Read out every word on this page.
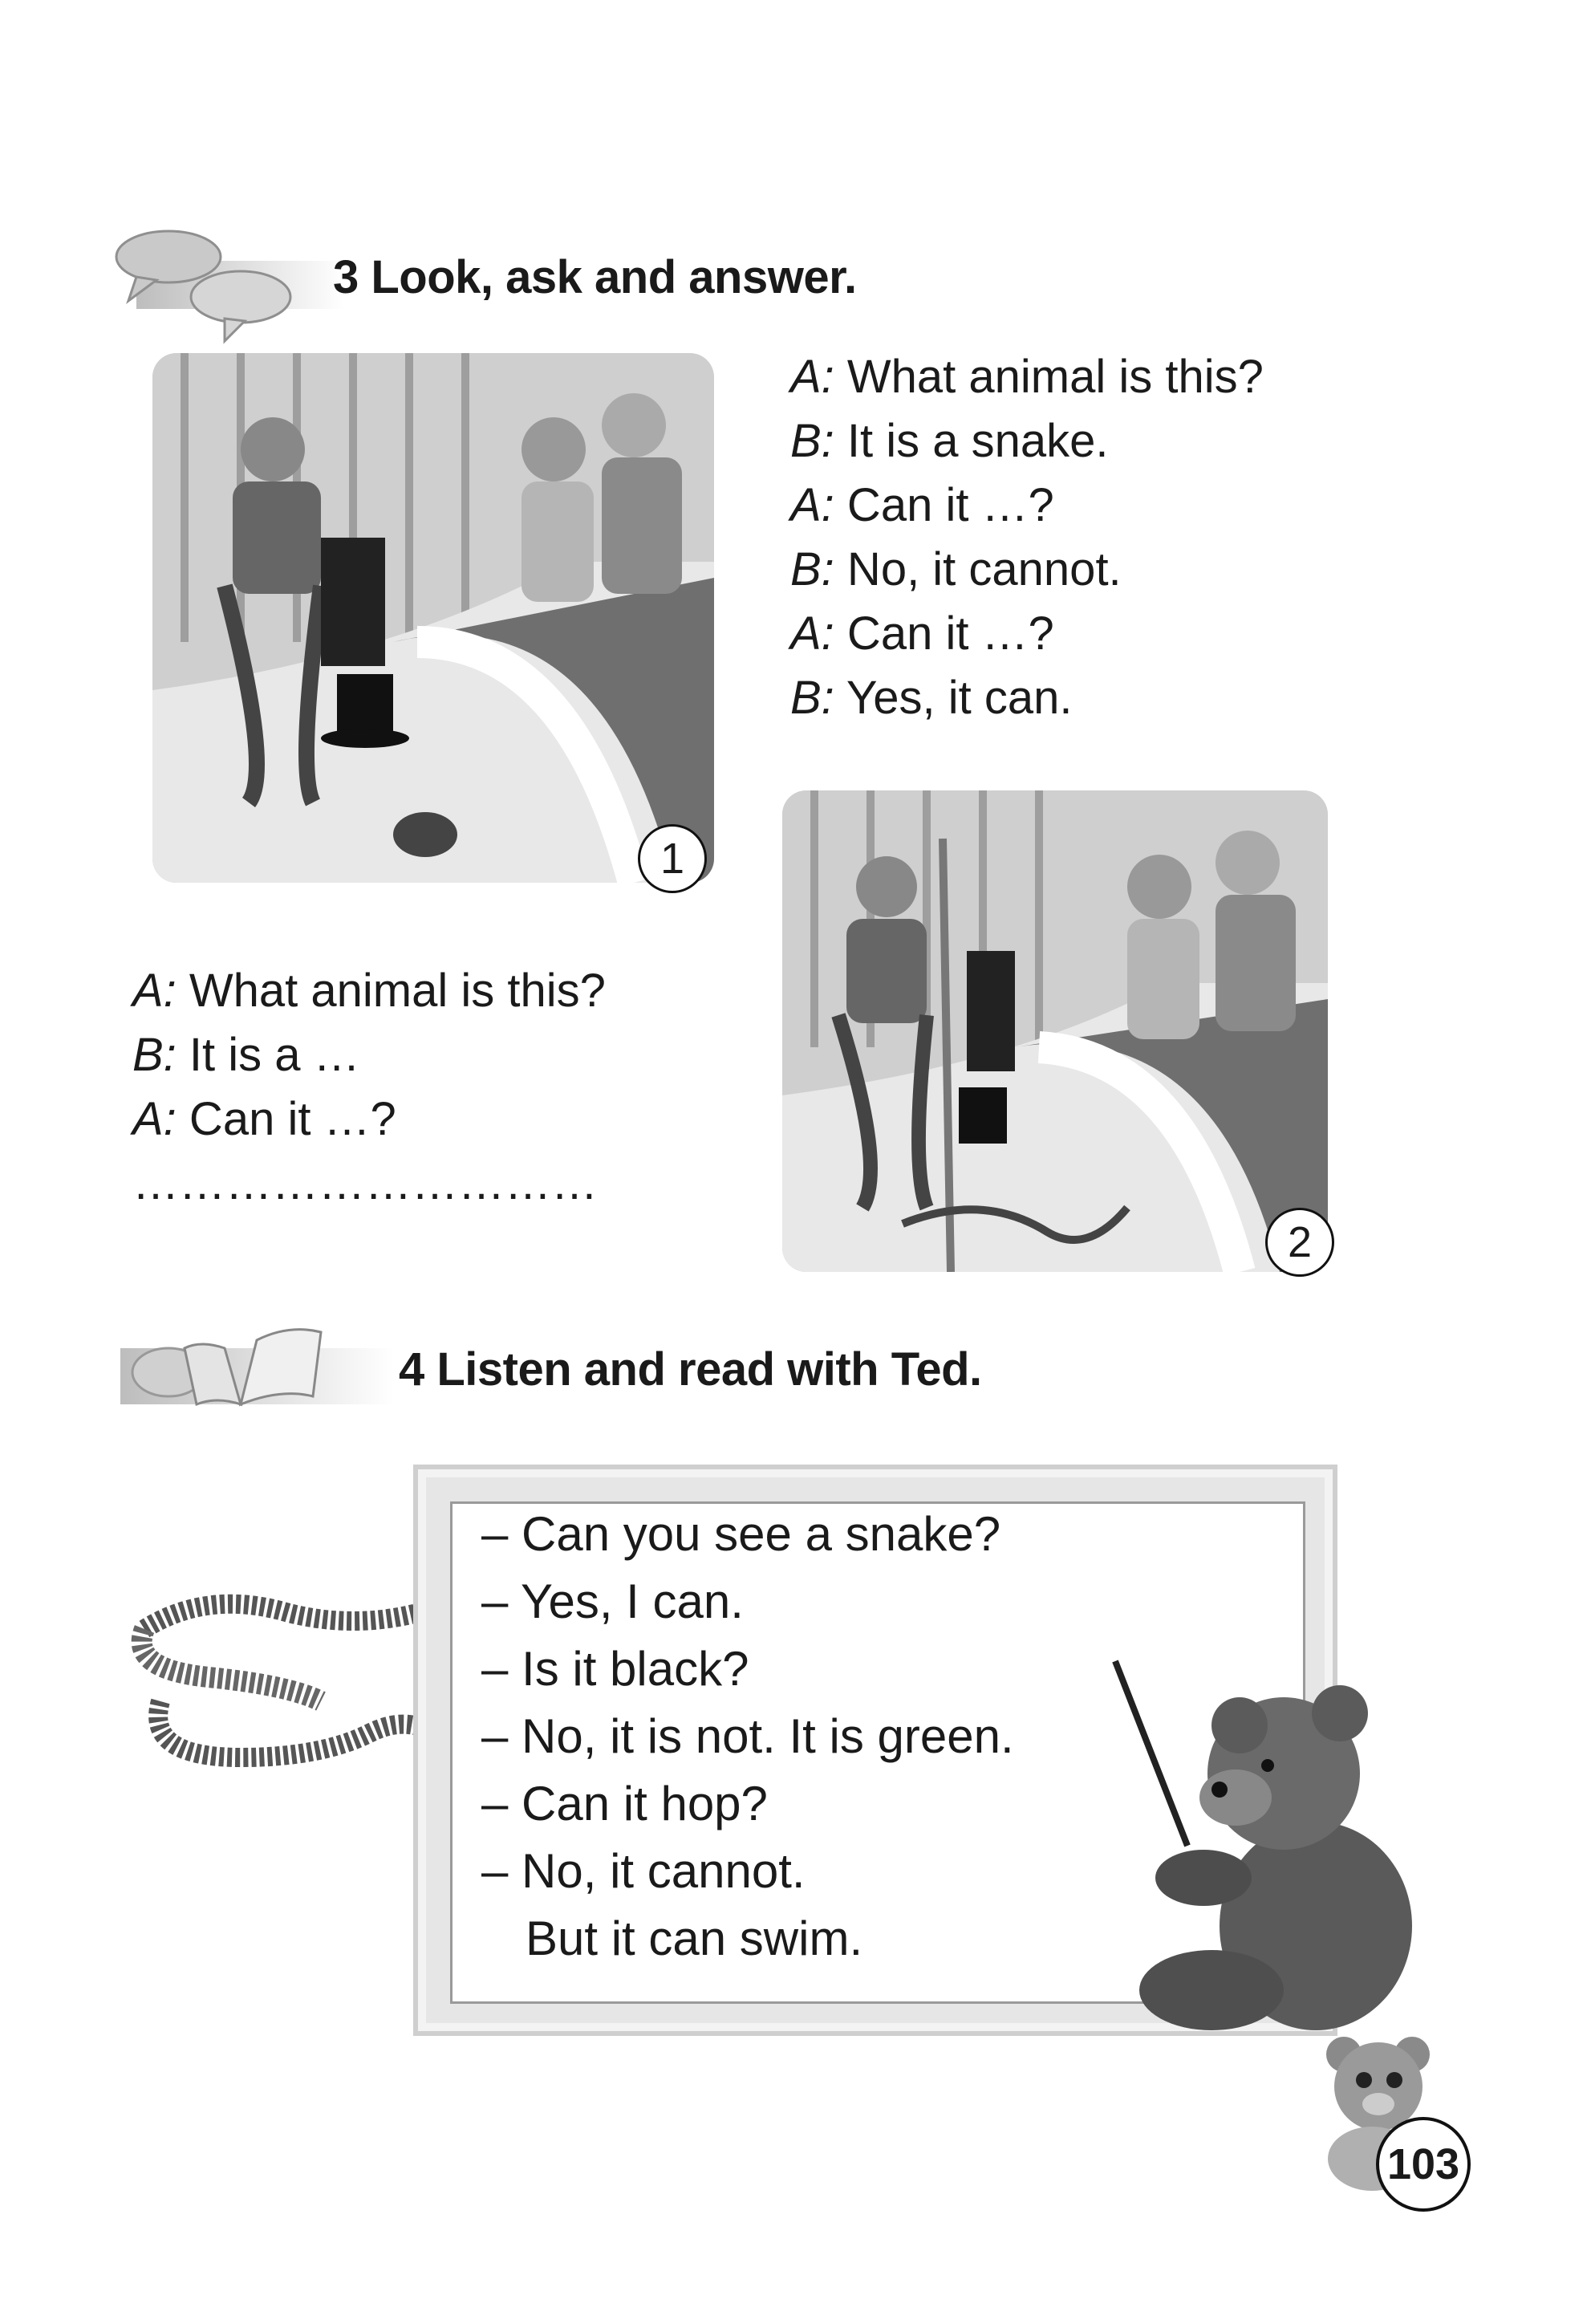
3 Look, ask and answer.
1
A: What animal is this?
B: It is a snake.
A: Can it …?
B: No, it cannot.
A: Can it …?
B: Yes, it can.
2
A: What animal is this?
B: It is a …
A: Can it …?
…………………………
4 Listen and read with Ted.
– Can you see a snake?
– Yes, I can.
– Is it black?
– No, it is not. It is green.
– Can it hop?
– No, it cannot.
But it can swim.
103
